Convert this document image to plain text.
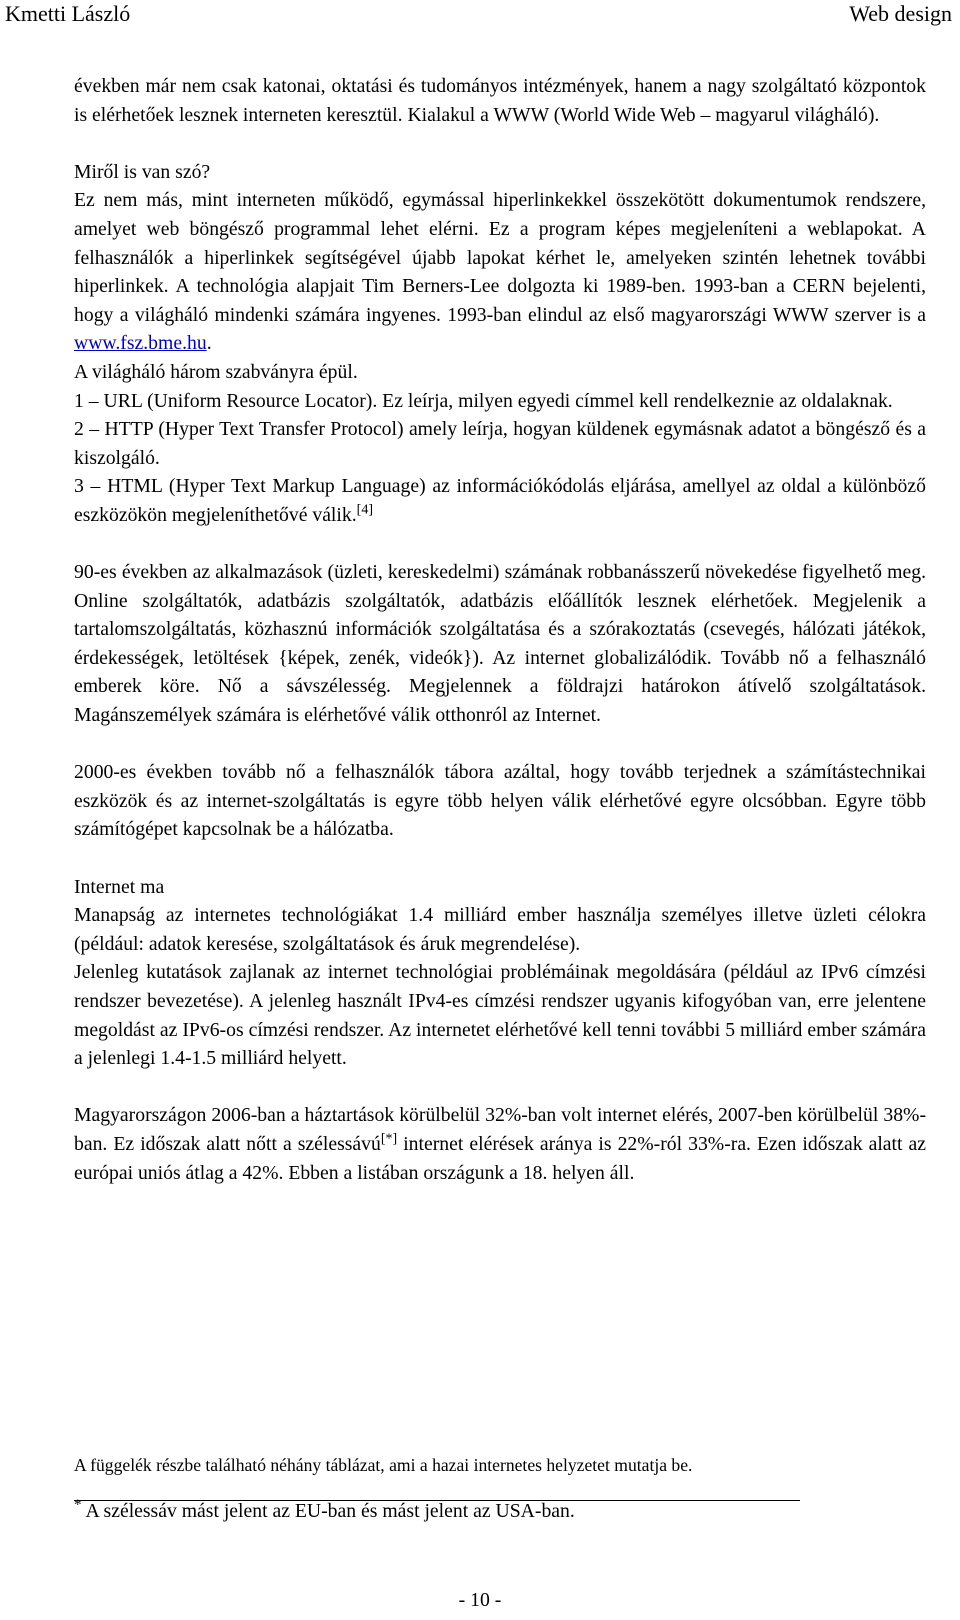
Kmetti László	Web design

években már nem csak katonai, oktatási és tudományos intézmények, hanem a nagy szolgáltató központok is elérhetőek lesznek interneten keresztül. Kialakul a WWW (World Wide Web – magyarul világháló).

Miről is van szó?

Ez nem más, mint interneten működő, egymással hiperlinkekkel összekötött dokumentumok rendszere, amelyet web böngésző programmal lehet elérni. Ez a program képes megjeleníteni a weblapokat. A felhasználók a hiperlinkek segítségével újabb lapokat kérhet le, amelyeken szintén lehetnek további hiperlinkek. A technológia alapjait Tim Berners-Lee dolgozta ki 1989-ben. 1993-ban a CERN bejelenti, hogy a világháló mindenki számára ingyenes. 1993-ban elindul az első magyarországi WWW szerver is a www.fsz.bme.hu.

A világháló három szabványra épül.

1 – URL (Uniform Resource Locator). Ez leírja, milyen egyedi címmel kell rendelkeznie az oldalaknak.

2 – HTTP (Hyper Text Transfer Protocol) amely leírja, hogyan küldenek egymásnak adatot a böngésző és a kiszolgáló.

3 – HTML (Hyper Text Markup Language) az információkódolás eljárása, amellyel az oldal a különböző eszközökön megjeleníthetővé válik.[4]

90-es években az alkalmazások (üzleti, kereskedelmi) számának robbanásszerű növekedése figyelhető meg. Online szolgáltatók, adatbázis szolgáltatók, adatbázis előállítók lesznek elérhetőek. Megjelenik a tartalomszolgáltatás, közhasznú információk szolgáltatása és a szórakoztatás (csevegés, hálózati játékok, érdekességek, letöltések {képek, zenék, videók}). Az internet globalizálódik. Tovább nő a felhasználó emberek köre. Nő a sávszélesség. Megjelennek a földrajzi határokon átívelő szolgáltatások. Magánszemélyek számára is elérhetővé válik otthonról az Internet.

2000-es években tovább nő a felhasználók tábora azáltal, hogy tovább terjednek a számítástechnikai eszközök és az internet-szolgáltatás is egyre több helyen válik elérhetővé egyre olcsóbban. Egyre több számítógépet kapcsolnak be a hálózatba.

Internet ma

Manapság az internetes technológiákat 1.4 milliárd ember használja személyes illetve üzleti célokra (például: adatok keresése, szolgáltatások és áruk megrendelése).

Jelenleg kutatások zajlanak az internet technológiai problémáinak megoldására (például az IPv6 címzési rendszer bevezetése). A jelenleg használt IPv4-es címzési rendszer ugyanis kifogyóban van, erre jelentene megoldást az IPv6-os címzési rendszer. Az internetet elérhetővé kell tenni további 5 milliárd ember számára a jelenlegi 1.4-1.5 milliárd helyett.

Magyarországon 2006-ban a háztartások körülbelül 32%-ban volt internet elérés, 2007-ben körülbelül 38%-ban. Ez időszak alatt nőtt a szélessávú[*] internet elérések aránya is 22%-ról 33%-ra. Ezen időszak alatt az európai uniós átlag a 42%. Ebben a listában országunk a 18. helyen áll.

A függelék részbe található néhány táblázat, ami a hazai internetes helyzetet mutatja be.

* A szélessáv mást jelent az EU-ban és mást jelent az USA-ban.

- 10 -
